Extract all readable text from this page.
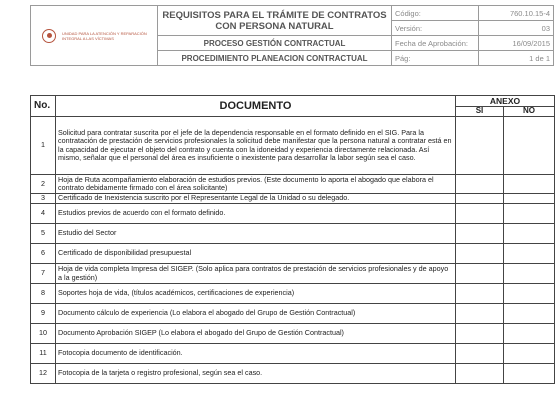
UNIDAD PARA LA ATENCIÓN Y REPARACIÓN INTEGRAL A LAS VÍCTIMAS	REQUISITOS PARA EL TRÁMITE DE CONTRATOS CON PERSONA NATURAL	Código:	760.10.15-4
		Versión:	03
	PROCESO GESTIÓN CONTRACTUAL	Fecha de Aprobación:	16/09/2015
	PROCEDIMIENTO PLANEACION CONTRACTUAL	Pág:	1 de 1
No.	DOCUMENTO	ANEXO	
		SI	NO
1	Solicitud para contratar suscrita por el jefe de la dependencia responsable en el formato definido en el SIG. Para la contratación de prestación de servicios profesionales la solicitud debe manifestar que la persona natural a contratar está en la capacidad de ejecutar el objeto del contrato y cuenta con la idoneidad y experiencia directamente relacionada. Así mismo, señalar que el personal del área es insuficiente o inexistente para desarrollar la labor según sea el caso.		
2	Hoja de Ruta acompañamiento elaboración de estudios previos. (Este documento lo aporta el abogado que elabora el contrato debidamente firmado con el área solicitante)		
3	Certificado de Inexistencia suscrito por el Representante Legal de la Unidad o su delegado.		
4	Estudios previos de acuerdo con el formato definido.		
5	Estudio del Sector		
6	Certificado de disponibilidad presupuestal		
7	Hoja de vida completa Impresa del SIGEP. (Solo aplica para contratos de prestación de servicios profesionales y de apoyo a la gestión)		
8	Soportes hoja de vida, (títulos académicos, certificaciones de experiencia)		
9	Documento cálculo de experiencia (Lo elabora el abogado del Grupo de Gestión Contractual)		
10	Documento Aprobación SIGEP (Lo elabora el abogado del Grupo de Gestión Contractual)		
11	Fotocopia documento de identificación.		
12	Fotocopia de la tarjeta o registro profesional, según sea el caso.		
